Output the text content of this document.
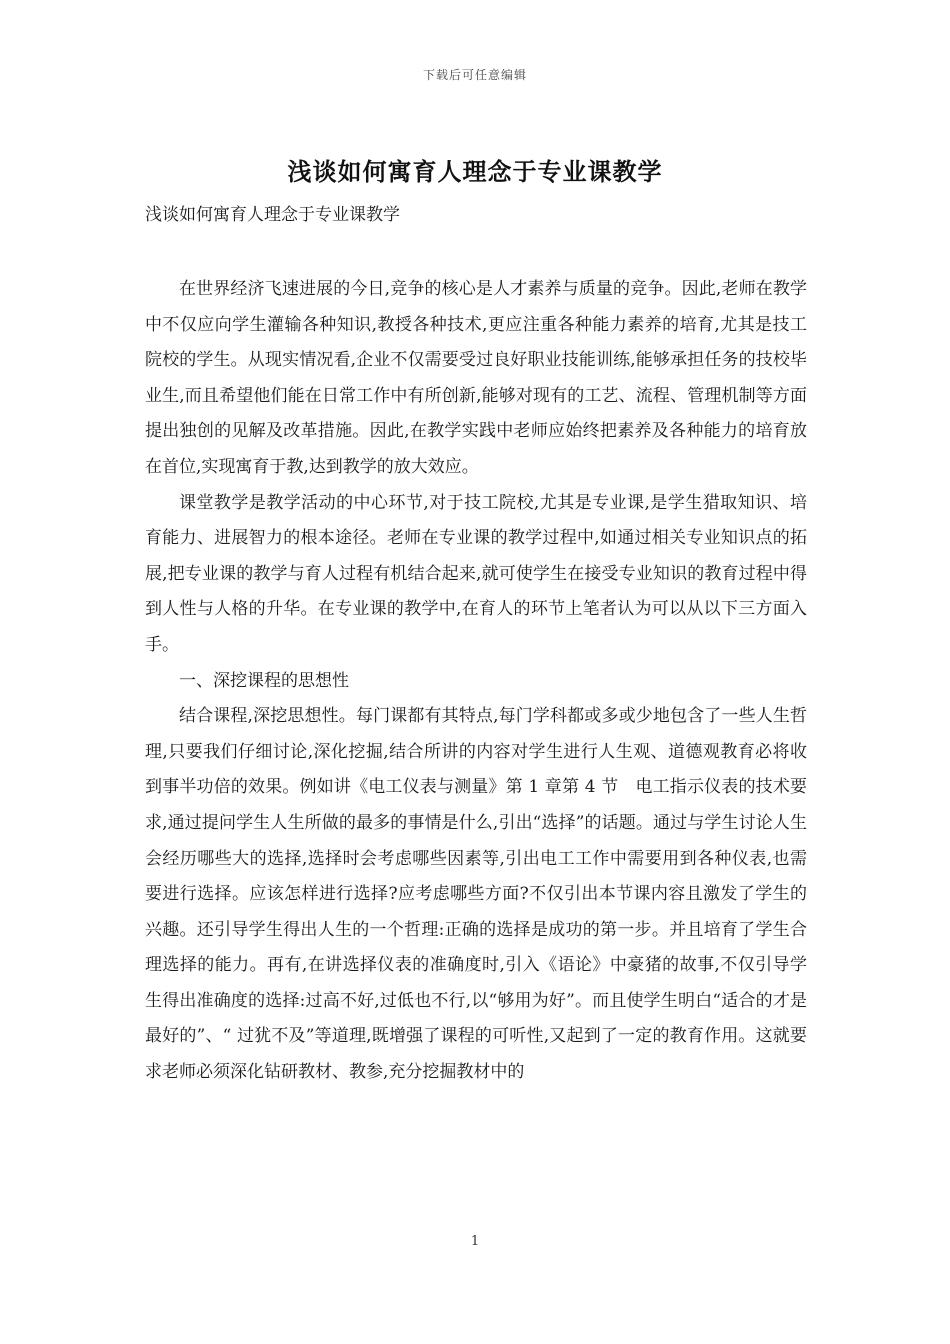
下载后可任意编辑
浅谈如何寓育人理念于专业课教学
浅谈如何寓育人理念于专业课教学

在世界经济飞速进展的今日,竞争的核心是人才素养与质量的竞争。因此,老师在教学中不仅应向学生灌输各种知识,教授各种技术,更应注重各种能力素养的培育,尤其是技工院校的学生。从现实情况看,企业不仅需要受过良好职业技能训练,能够承担任务的技校毕业生,而且希望他们能在日常工作中有所创新,能够对现有的工艺、流程、管理机制等方面提出独创的见解及改革措施。因此,在教学实践中老师应始终把素养及各种能力的培育放在首位,实现寓育于教,达到教学的放大效应。

课堂教学是教学活动的中心环节,对于技工院校,尤其是专业课,是学生猎取知识、培育能力、进展智力的根本途径。老师在专业课的教学过程中,如通过相关专业知识点的拓展,把专业课的教学与育人过程有机结合起来,就可使学生在接受专业知识的教育过程中得到人性与人格的升华。在专业课的教学中,在育人的环节上笔者认为可以从以下三方面入手。

一、深挖课程的思想性

结合课程,深挖思想性。每门课都有其特点,每门学科都或多或少地包含了一些人生哲理,只要我们仔细讨论,深化挖掘,结合所讲的内容对学生进行人生观、道德观教育必将收到事半功倍的效果。例如讲《电工仪表与测量》第 1 章第 4 节　电工指示仪表的技术要求,通过提问学生人生所做的最多的事情是什么,引出“选择”的话题。通过与学生讨论人生会经历哪些大的选择,选择时会考虑哪些因素等,引出电工工作中需要用到各种仪表,也需要进行选择。应该怎样进行选择?应考虑哪些方面?不仅引出本节课内容且激发了学生的兴趣。还引导学生得出人生的一个哲理:正确的选择是成功的第一步。并且培育了学生合理选择的能力。再有,在讲选择仪表的准确度时,引入《语论》中豪猪的故事,不仅引导学生得出准确度的选择:过高不好,过低也不行,以“够用为好”。而且使学生明白“适合的才是最好的”、“ 过犹不及”等道理,既增强了课程的可听性,又起到了一定的教育作用。这就要求老师必须深化钻研教材、教参,充分挖掘教材中的

1
